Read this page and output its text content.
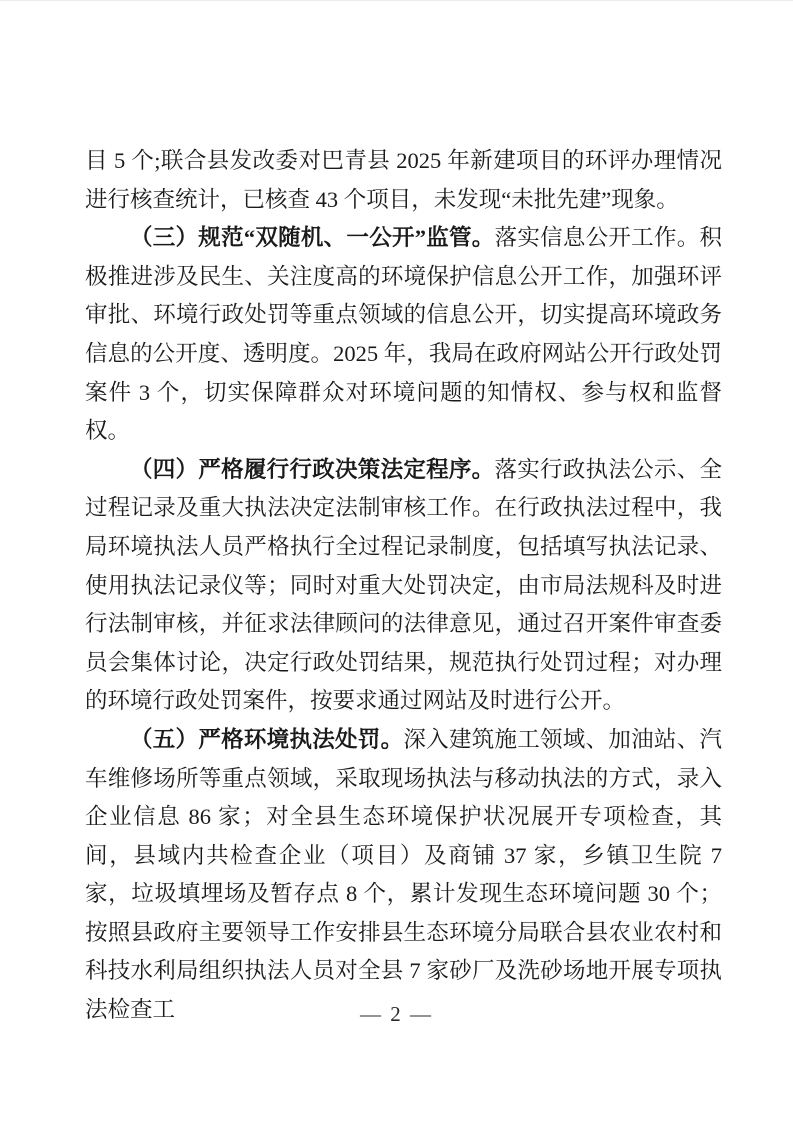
目 5 个;联合县发改委对巴青县 2025 年新建项目的环评办理情况进行核查统计，已核查 43 个项目，未发现“未批先建”现象。

（三）规范“双随机、一公开”监管。落实信息公开工作。积极推进涉及民生、关注度高的环境保护信息公开工作，加强环评审批、环境行政处罚等重点领域的信息公开，切实提高环境政务信息的公开度、透明度。2025 年，我局在政府网站公开行政处罚案件 3 个，切实保障群众对环境问题的知情权、参与权和监督权。

（四）严格履行行政决策法定程序。落实行政执法公示、全过程记录及重大执法决定法制审核工作。在行政执法过程中，我局环境执法人员严格执行全过程记录制度，包括填写执法记录、使用执法记录仪等；同时对重大处罚决定，由市局法规科及时进行法制审核，并征求法律顾问的法律意见，通过召开案件审查委员会集体讨论，决定行政处罚结果，规范执行处罚过程；对办理的环境行政处罚案件，按要求通过网站及时进行公开。

（五）严格环境执法处罚。深入建筑施工领域、加油站、汽车维修场所等重点领域，采取现场执法与移动执法的方式，录入企业信息 86 家；对全县生态环境保护状况展开专项检查，其间，县域内共检查企业（项目）及商铺 37 家，乡镇卫生院 7 家，垃圾填埋场及暂存点 8 个，累计发现生态环境问题 30 个；按照县政府主要领导工作安排县生态环境分局联合县农业农村和科技水利局组织执法人员对全县 7 家砂厂及洗砂场地开展专项执法检查工	— 2 —
